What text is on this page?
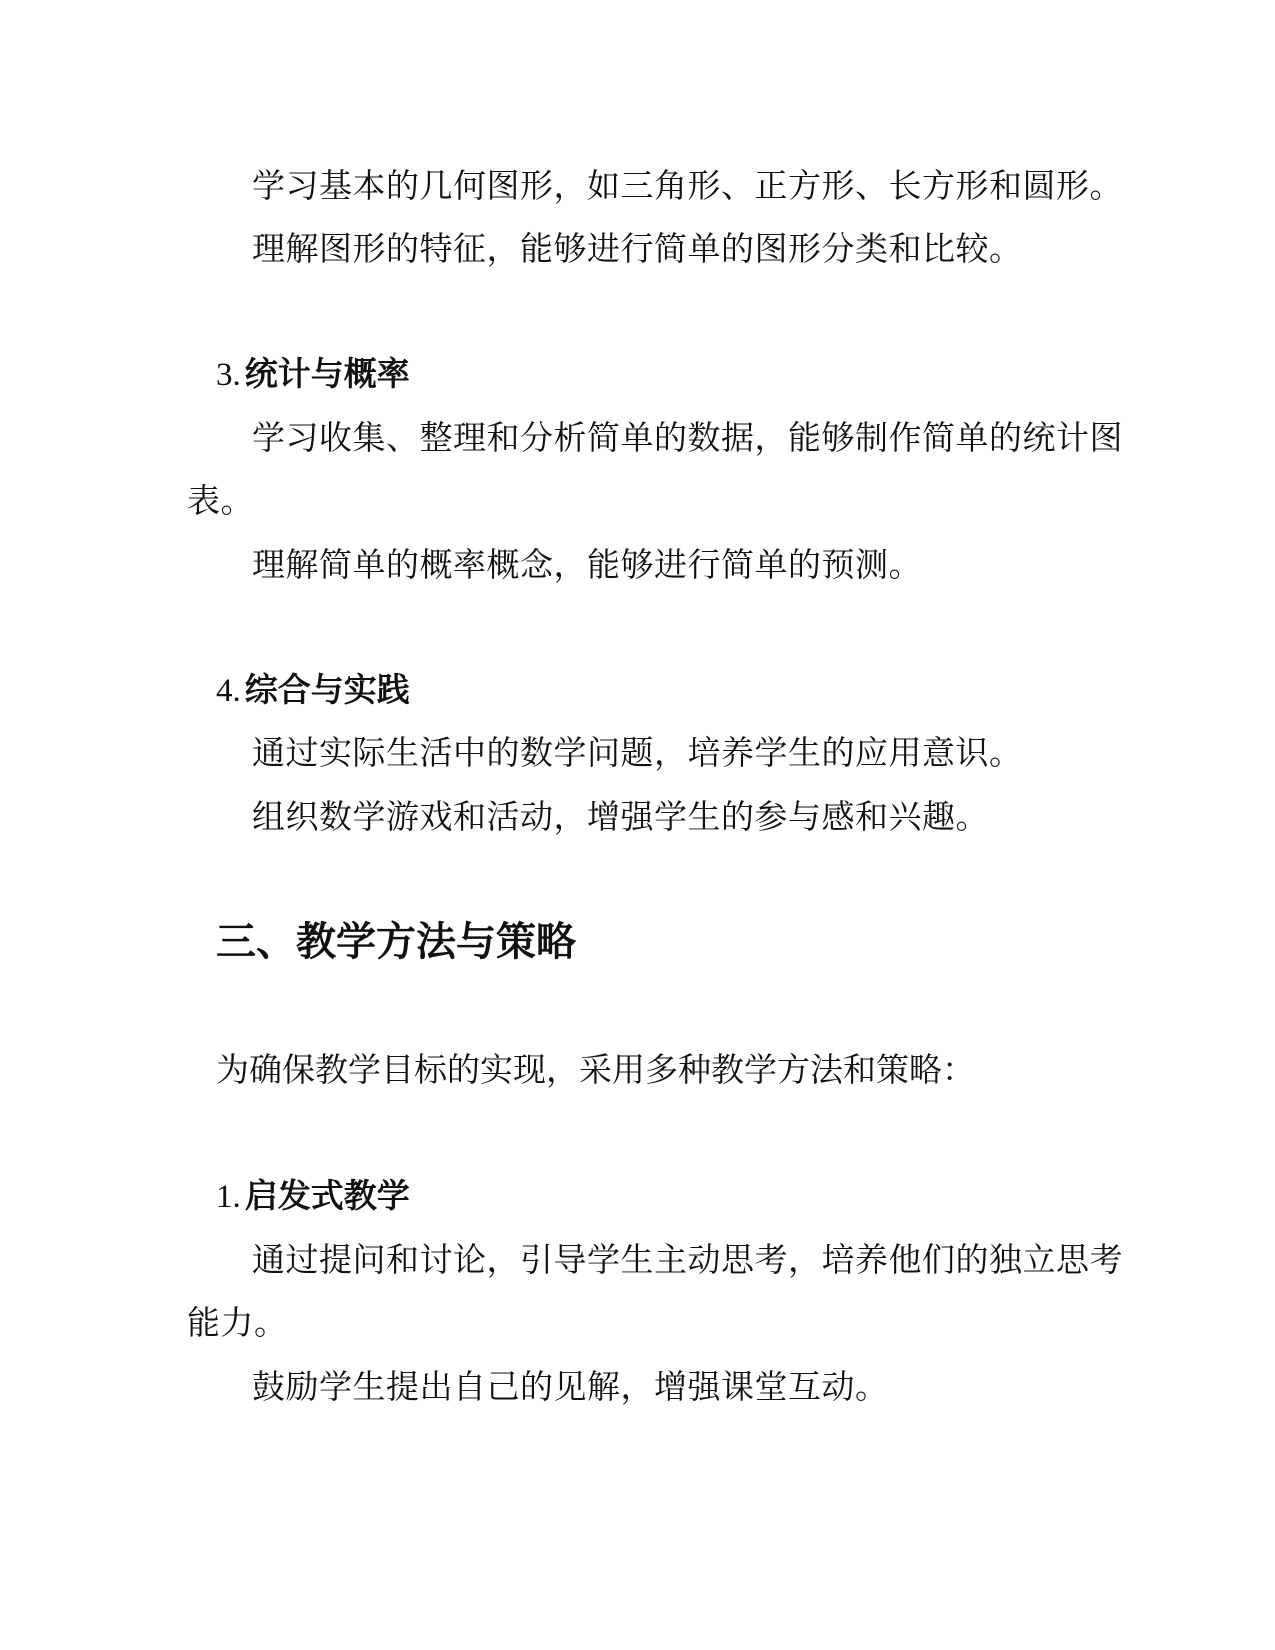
学习基本的几何图形，如三角形、正方形、长方形和圆形。
理解图形的特征，能够进行简单的图形分类和比较。
3. 统计与概率
学习收集、整理和分析简单的数据，能够制作简单的统计图
表。
理解简单的概率概念，能够进行简单的预测。
4. 综合与实践
通过实际生活中的数学问题，培养学生的应用意识。
组织数学游戏和活动，增强学生的参与感和兴趣。
三、教学方法与策略
为确保教学目标的实现，采用多种教学方法和策略：
1. 启发式教学
通过提问和讨论，引导学生主动思考，培养他们的独立思考
能力。
鼓励学生提出自己的见解，增强课堂互动。
